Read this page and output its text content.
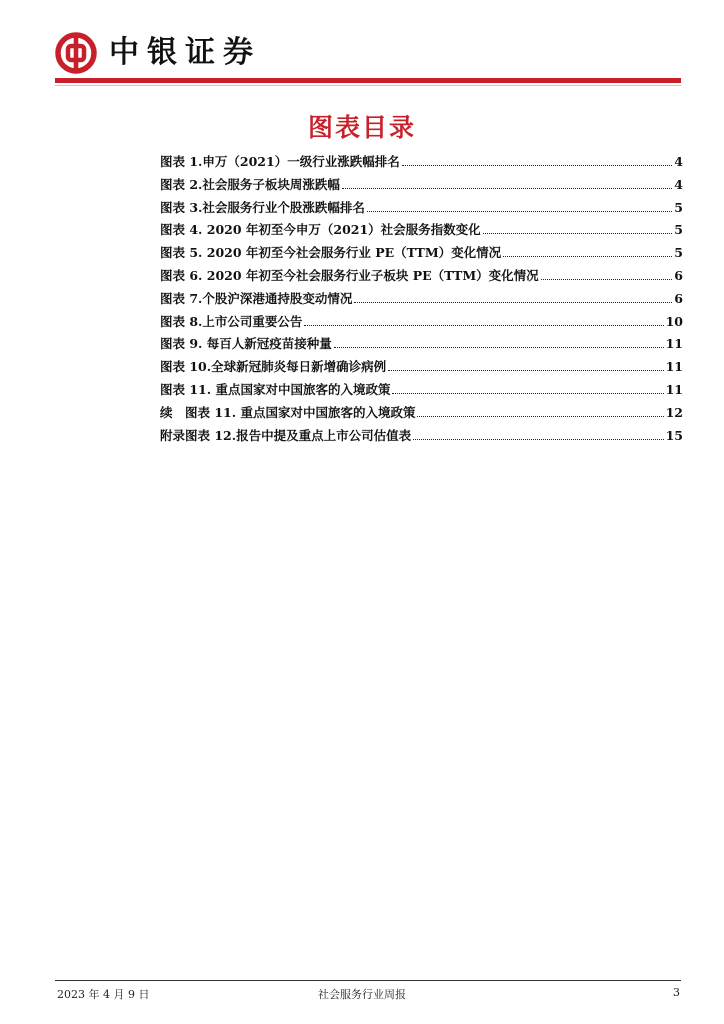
中银证券
图表目录
图表 1.申万（2021）一级行业涨跌幅排名	4
图表 2.社会服务子板块周涨跌幅	4
图表 3.社会服务行业个股涨跌幅排名	5
图表 4. 2020 年初至今申万（2021）社会服务指数变化	5
图表 5. 2020 年初至今社会服务行业 PE（TTM）变化情况	5
图表 6. 2020 年初至今社会服务行业子板块 PE（TTM）变化情况	6
图表 7.个股沪深港通持股变动情况	6
图表 8.上市公司重要公告	10
图表 9. 每百人新冠疫苗接种量	11
图表 10.全球新冠肺炎每日新增确诊病例	11
图表 11. 重点国家对中国旅客的入境政策	11
续　图表 11. 重点国家对中国旅客的入境政策	12
附录图表 12.报告中提及重点上市公司估值表	15
2023 年 4 月 9 日	社会服务行业周报	3
